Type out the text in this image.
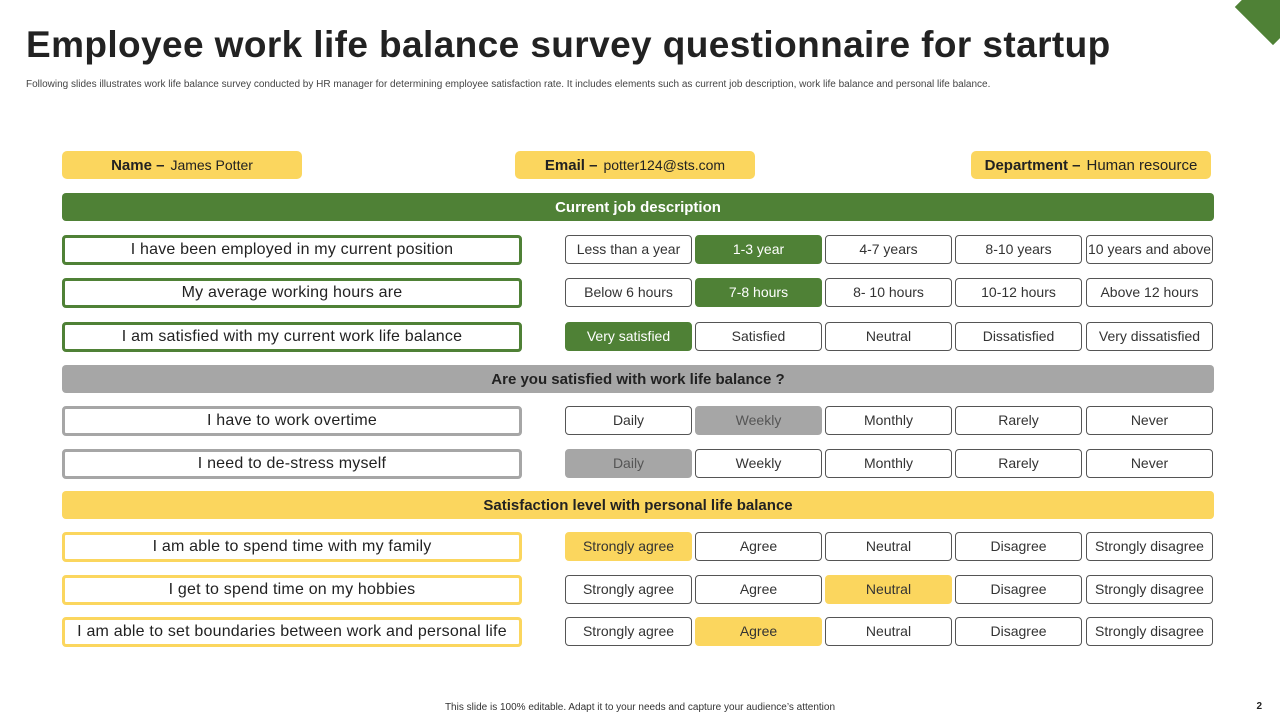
Employee work life balance survey questionnaire for startup

Following slides illustrates work life balance survey conducted by HR manager for determining employee satisfaction rate. It includes elements such as current job description, work life balance and personal life balance.

Name – James Potter	Email – potter124@sts.com	Department – Human resource
Current job description
I have been employed in my current position	Less than a year	1-3 year	4-7 years	8-10 years	10 years and above
My average working hours are	Below 6 hours	7-8 hours	8- 10 hours	10-12 hours	Above 12 hours
I am satisfied with my current work life balance	Very satisfied	Satisfied	Neutral	Dissatisfied	Very dissatisfied
Are you satisfied with work life balance ?
I have to work overtime	Daily	Weekly	Monthly	Rarely	Never
I need to de-stress myself	Daily	Weekly	Monthly	Rarely	Never
Satisfaction level with personal life balance
I am able to spend time with my family	Strongly agree	Agree	Neutral	Disagree	Strongly disagree
I get to spend time on my hobbies	Strongly agree	Agree	Neutral	Disagree	Strongly disagree
I am able to set boundaries between work and personal life	Strongly agree	Agree	Neutral	Disagree	Strongly disagree
This slide is 100% editable. Adapt it to your needs and capture your audience’s attention	2
